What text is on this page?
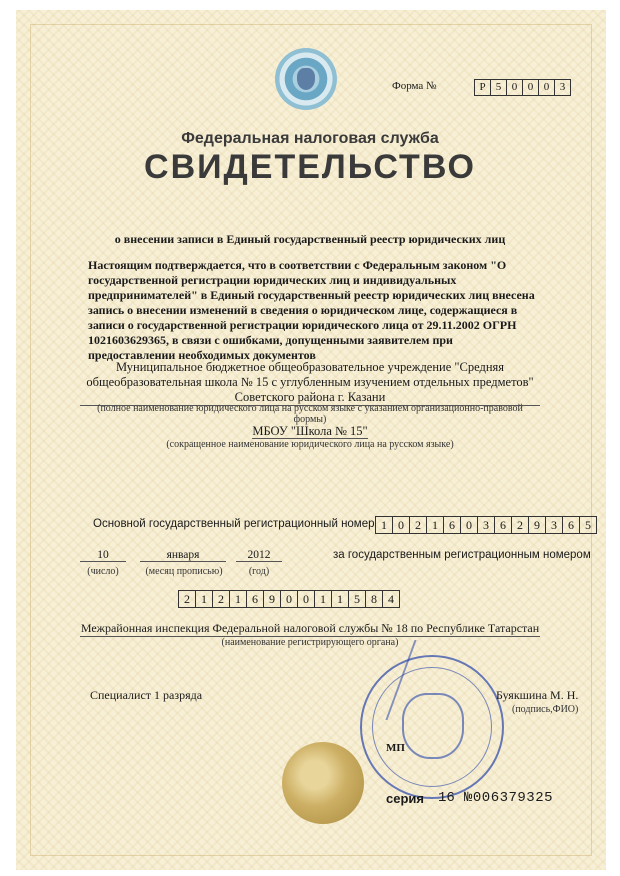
Форма №	Р 5 0 0 0 3
Федеральная налоговая служба
СВИДЕТЕЛЬСТВО
о внесении записи в Единый государственный реестр юридических лиц
Настоящим подтверждается, что в соответствии с Федеральным законом "О государственной регистрации юридических лиц и индивидуальных предпринимателей" в Единый государственный реестр юридических лиц внесена запись о внесении изменений в сведения о юридическом лице, содержащиеся в записи о государственной регистрации юридического лица от 29.11.2002 ОГРН 1021603629365, в связи с ошибками, допущенными заявителем при предоставлении необходимых документов
Муниципальное бюджетное общеобразовательное учреждение "Средняя общеобразовательная школа № 15 с углубленным изучением отдельных предметов" Советского района г. Казани
(полное наименование юридического лица на русском языке с указанием организационно-правовой формы)
МБОУ "Школа № 15"
(сокращенное наименование юридического лица на русском языке)
Основной государственный регистрационный номер 1 0 2 1 6 0 3 6 2 9 3 6 5
10	января	2012
(число)	(месяц прописью)	(год)
за государственным регистрационным номером
2 1 2 1 6 9 0 0 1 1 5 8 4
Межрайонная инспекция Федеральной налоговой службы № 18 по Республике Татарстан
(наименование регистрирующего органа)
Специалист 1 разряда	Буякшина М. Н.
(подпись,ФИО)
МП
серия 16 №006379325
